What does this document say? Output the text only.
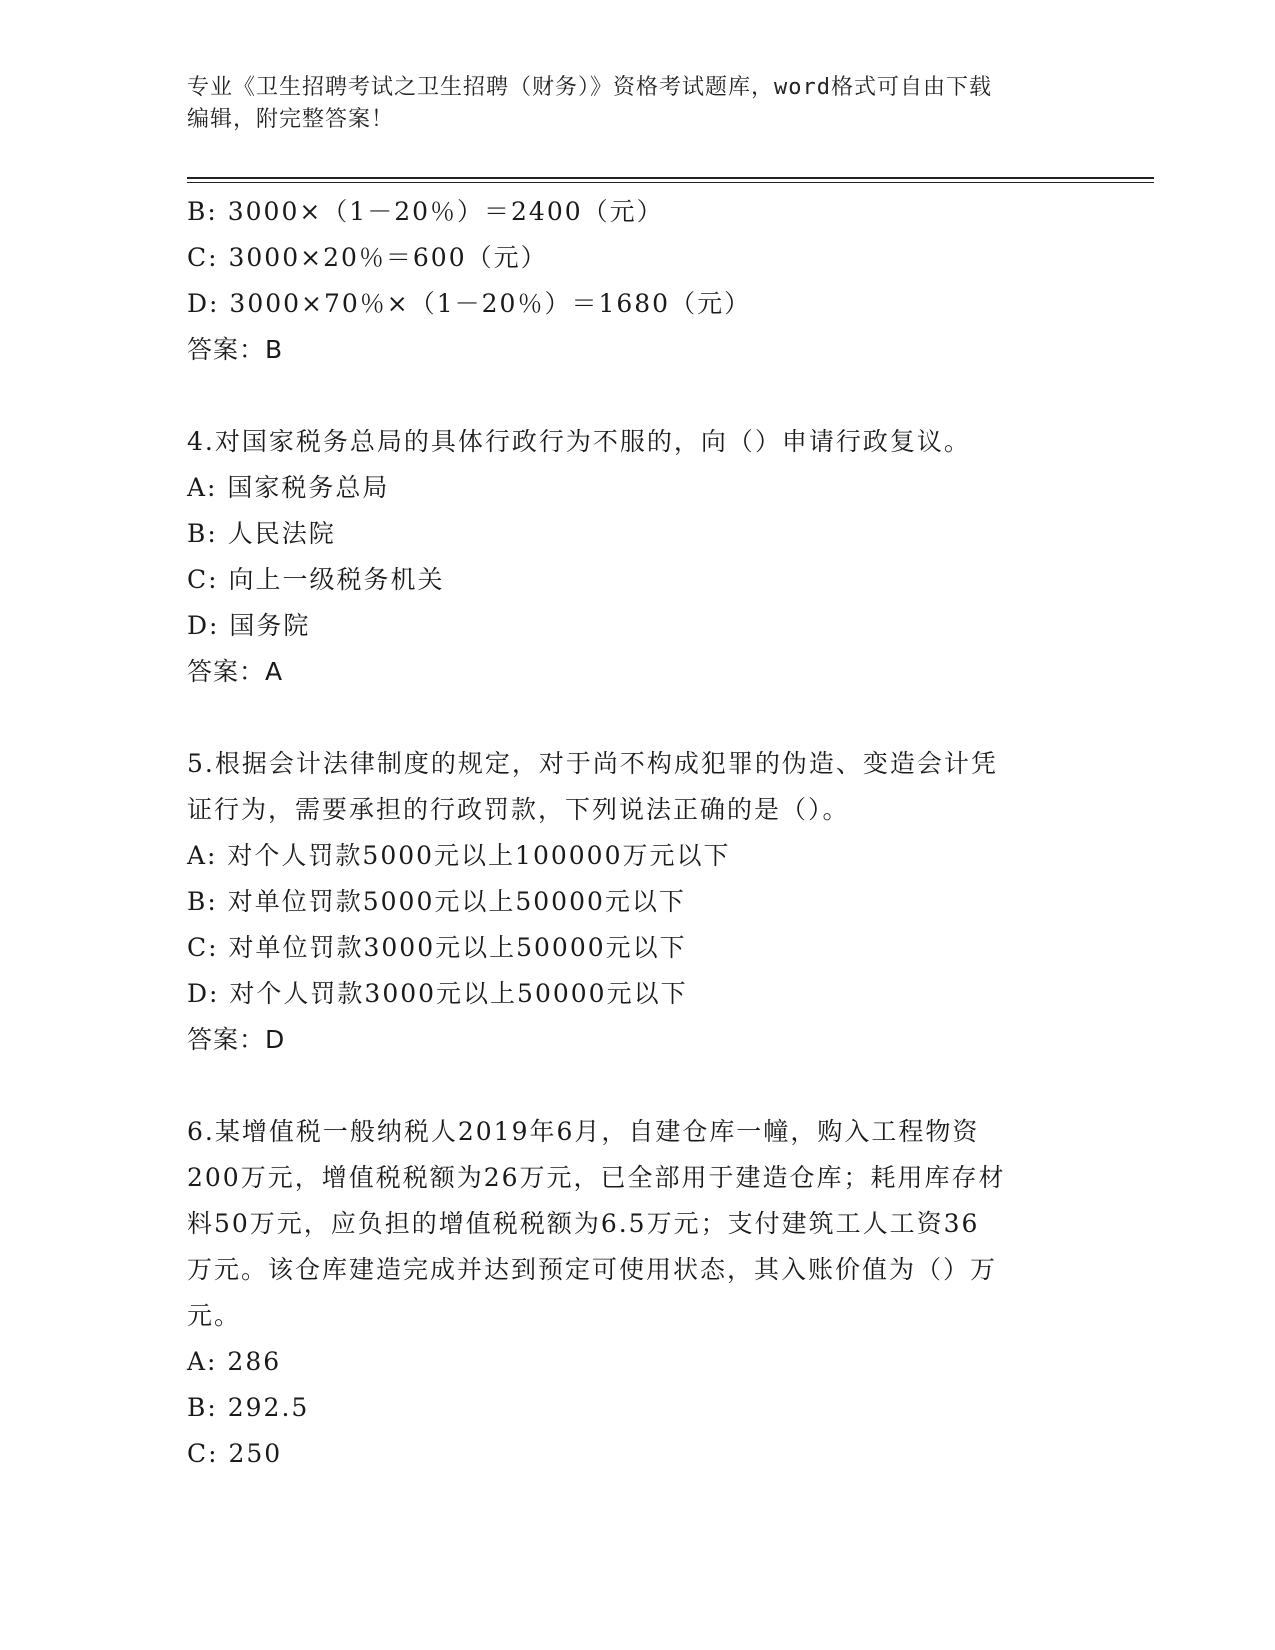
专业《卫生招聘考试之卫生招聘（财务）》资格考试题库，word格式可自由下载
编辑，附完整答案！
B: 3000×（1－20％）＝2400（元）
C: 3000×20％＝600（元）
D: 3000×70％×（1－20％）＝1680（元）
答案：B
4.对国家税务总局的具体行政行为不服的，向（）申请行政复议。
A: 国家税务总局
B: 人民法院
C: 向上一级税务机关
D: 国务院
答案：A
5.根据会计法律制度的规定，对于尚不构成犯罪的伪造、变造会计凭
证行为，需要承担的行政罚款，下列说法正确的是（）。
A: 对个人罚款5000元以上100000万元以下
B: 对单位罚款5000元以上50000元以下
C: 对单位罚款3000元以上50000元以下
D: 对个人罚款3000元以上50000元以下
答案：D
6.某增值税一般纳税人2019年6月，自建仓库一幢，购入工程物资
200万元，增值税税额为26万元，已全部用于建造仓库；耗用库存材
料50万元，应负担的增值税税额为6.5万元；支付建筑工人工资36
万元。该仓库建造完成并达到预定可使用状态，其入账价值为（）万
元。
A: 286
B: 292.5
C: 250
